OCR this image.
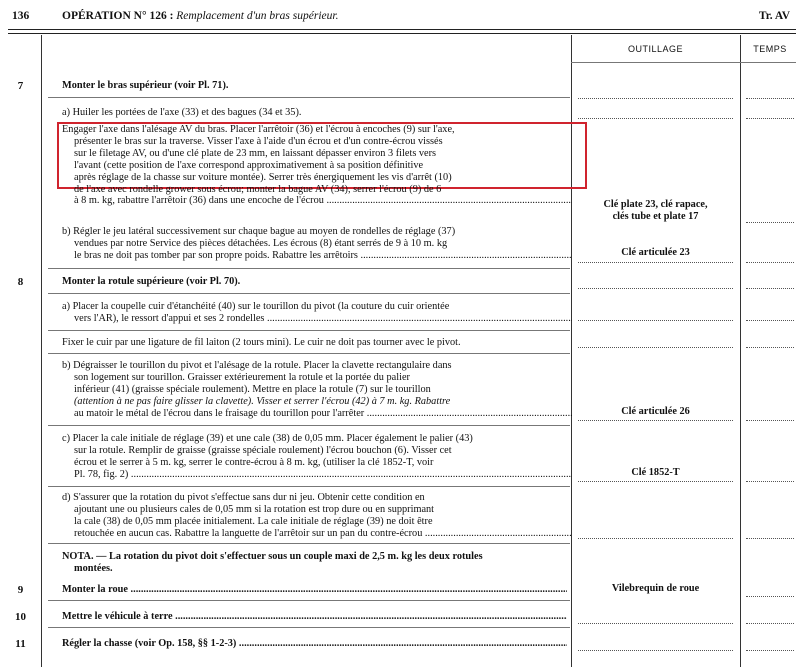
136	OPÉRATION N° 126 : Remplacement d'un bras supérieur.	Tr. AV
OUTILLAGE	TEMPS
7	Monter le bras supérieur (voir Pl. 71).
a) Huiler les portées de l'axe (33) et des bagues (34 et 35).
Engager l'axe dans l'alésage AV du bras. Placer l'arrêtoir (36) et l'écrou à encoches (9) sur l'axe,
présenter le bras sur la traverse. Visser l'axe à l'aide d'un écrou et d'un contre-écrou vissés
sur le filetage AV, ou d'une clé plate de 23 mm, en laissant dépasser environ 3 filets vers
l'avant (cette position de l'axe correspond approximativement à sa position définitive
après réglage de la chasse sur voiture montée). Serrer très énergiquement les vis d'arrêt (10)
de l'axe avec rondelle grower sous écrou; monter la bague AV (34), serrer l'écrou (9) de 6
à 8 m. kg, rabattre l'arrêtoir (36) dans une encoche de l'écrou .....	Clé plate 23, clé rapace,
clés tube et plate 17
b) Régler le jeu latéral successivement sur chaque bague au moyen de rondelles de réglage (37)
vendues par notre Service des pièces détachées. Les écrous (8) étant serrés de 9 à 10 m. kg
le bras ne doit pas tomber par son propre poids. Rabattre les arrêtoirs .....	Clé articulée 23
8	Monter la rotule supérieure (voir Pl. 70).
a) Placer la coupelle cuir d'étanchéité (40) sur le tourillon du pivot (la couture du cuir orientée
vers l'AR), le ressort d'appui et ses 2 rondelles .....
Fixer le cuir par une ligature de fil laiton (2 tours mini). Le cuir ne doit pas tourner avec le pivot.
b) Dégraisser le tourillon du pivot et l'alésage de la rotule. Placer la clavette rectangulaire dans
son logement sur tourillon. Graisser extérieurement la rotule et la portée du palier
inférieur (41) (graisse spéciale roulement). Mettre en place la rotule (7) sur le tourillon
(attention à ne pas faire glisser la clavette). Visser et serrer l'écrou (42) à 7 m. kg. Rabattre
au matoir le métal de l'écrou dans le fraisage du tourillon pour l'arrêter .....	Clé articulée 26
c) Placer la cale initiale de réglage (39) et une cale (38) de 0,05 mm. Placer également le palier (43)
sur la rotule. Remplir de graisse (graisse spéciale roulement) l'écrou bouchon (6). Visser cet
écrou et le serrer à 5 m. kg, serrer le contre-écrou à 8 m. kg, (utiliser la clé 1852-T, voir
Pl. 78, fig. 2) .....	Clé 1852-T
d) S'assurer que la rotation du pivot s'effectue sans dur ni jeu. Obtenir cette condition en
ajoutant une ou plusieurs cales de 0,05 mm si la rotation est trop dure ou en supprimant
la cale (38) de 0,05 mm placée initialement. La cale initiale de réglage (39) ne doit être
retouchée en aucun cas. Rabattre la languette de l'arrêtoir sur un pan du contre-écrou .....
NOTA. — La rotation du pivot doit s'effectuer sous un couple maxi de 2,5 m. kg les deux rotules
montées.
9	Monter la roue .....	Vilebrequin de roue
10	Mettre le véhicule à terre .....
11	Régler la chasse (voir Op. 158, §§ 1-2-3) .....
